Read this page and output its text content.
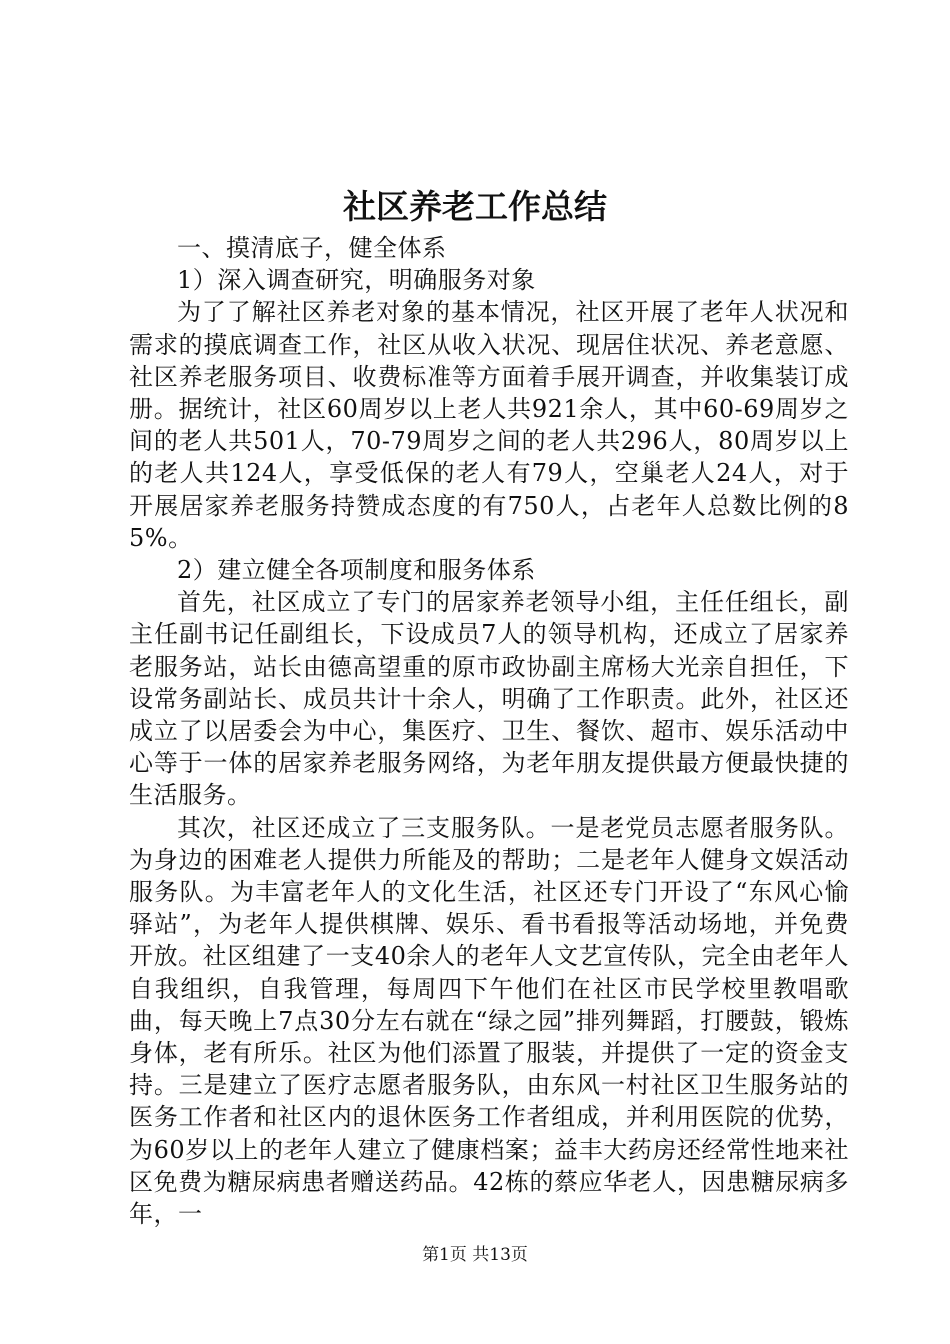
社区养老工作总结

一、摸清底子，健全体系

1）深入调查研究，明确服务对象

为了了解社区养老对象的基本情况，社区开展了老年人状况和需求的摸底调查工作，社区从收入状况、现居住状况、养老意愿、社区养老服务项目、收费标准等方面着手展开调查，并收集装订成册。据统计，社区60周岁以上老人共921余人，其中60-69周岁之间的老人共501人，70-79周岁之间的老人共296人，80周岁以上的老人共124人，享受低保的老人有79人，空巢老人24人，对于开展居家养老服务持赞成态度的有750人，占老年人总数比例的85%。

2）建立健全各项制度和服务体系

首先，社区成立了专门的居家养老领导小组，主任任组长，副主任副书记任副组长，下设成员7人的领导机构，还成立了居家养老服务站，站长由德高望重的原市政协副主席杨大光亲自担任，下设常务副站长、成员共计十余人，明确了工作职责。此外，社区还成立了以居委会为中心，集医疗、卫生、餐饮、超市、娱乐活动中心等于一体的居家养老服务网络，为老年朋友提供最方便最快捷的生活服务。

其次，社区还成立了三支服务队。一是老党员志愿者服务队。为身边的困难老人提供力所能及的帮助；二是老年人健身文娱活动服务队。为丰富老年人的文化生活，社区还专门开设了“东风心愉驿站”，为老年人提供棋牌、娱乐、看书看报等活动场地，并免费开放。社区组建了一支40余人的老年人文艺宣传队，完全由老年人自我组织，自我管理，每周四下午他们在社区市民学校里教唱歌曲，每天晚上7点30分左右就在“绿之园”排列舞蹈，打腰鼓，锻炼身体，老有所乐。社区为他们添置了服装，并提供了一定的资金支持。三是建立了医疗志愿者服务队，由东风一村社区卫生服务站的医务工作者和社区内的退休医务工作者组成，并利用医院的优势，为60岁以上的老年人建立了健康档案；益丰大药房还经常性地来社区免费为糖尿病患者赠送药品。42栋的蔡应华老人，因患糖尿病多年，一

第1页 共13页
